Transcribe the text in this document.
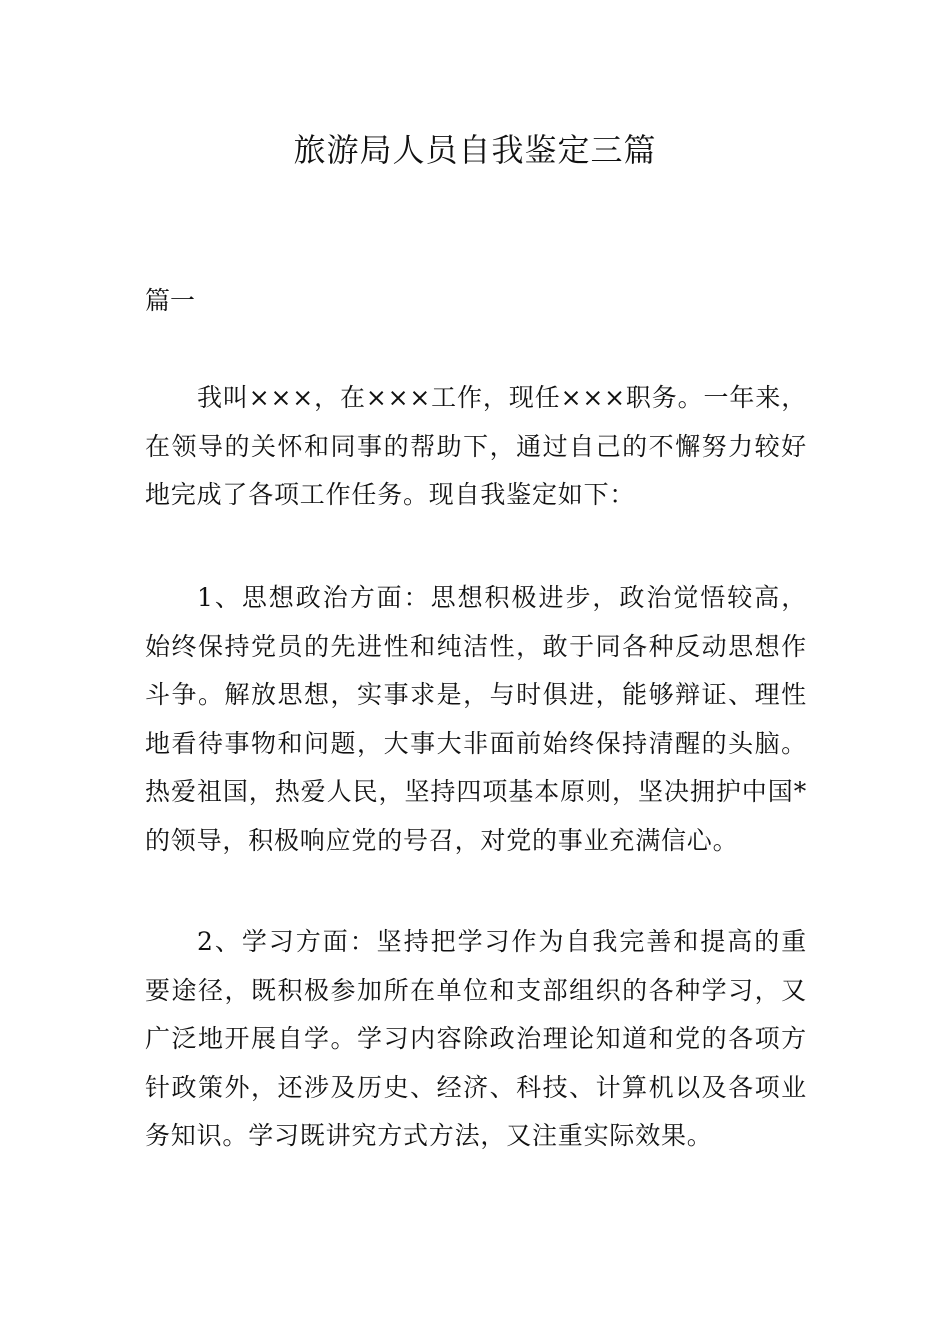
旅游局人员自我鉴定三篇
篇一

我叫×××，在×××工作，现任×××职务。一年来，在领导的关怀和同事的帮助下，通过自己的不懈努力较好地完成了各项工作任务。现自我鉴定如下：

1、思想政治方面：思想积极进步，政治觉悟较高，始终保持党员的先进性和纯洁性，敢于同各种反动思想作斗争。解放思想，实事求是，与时俱进，能够辩证、理性地看待事物和问题，大事大非面前始终保持清醒的头脑。热爱祖国，热爱人民，坚持四项基本原则，坚决拥护中国*的领导，积极响应党的号召，对党的事业充满信心。

2、学习方面：坚持把学习作为自我完善和提高的重要途径，既积极参加所在单位和支部组织的各种学习，又广泛地开展自学。学习内容除政治理论知道和党的各项方针政策外，还涉及历史、经济、科技、计算机以及各项业务知识。学习既讲究方式方法，又注重实际效果。
